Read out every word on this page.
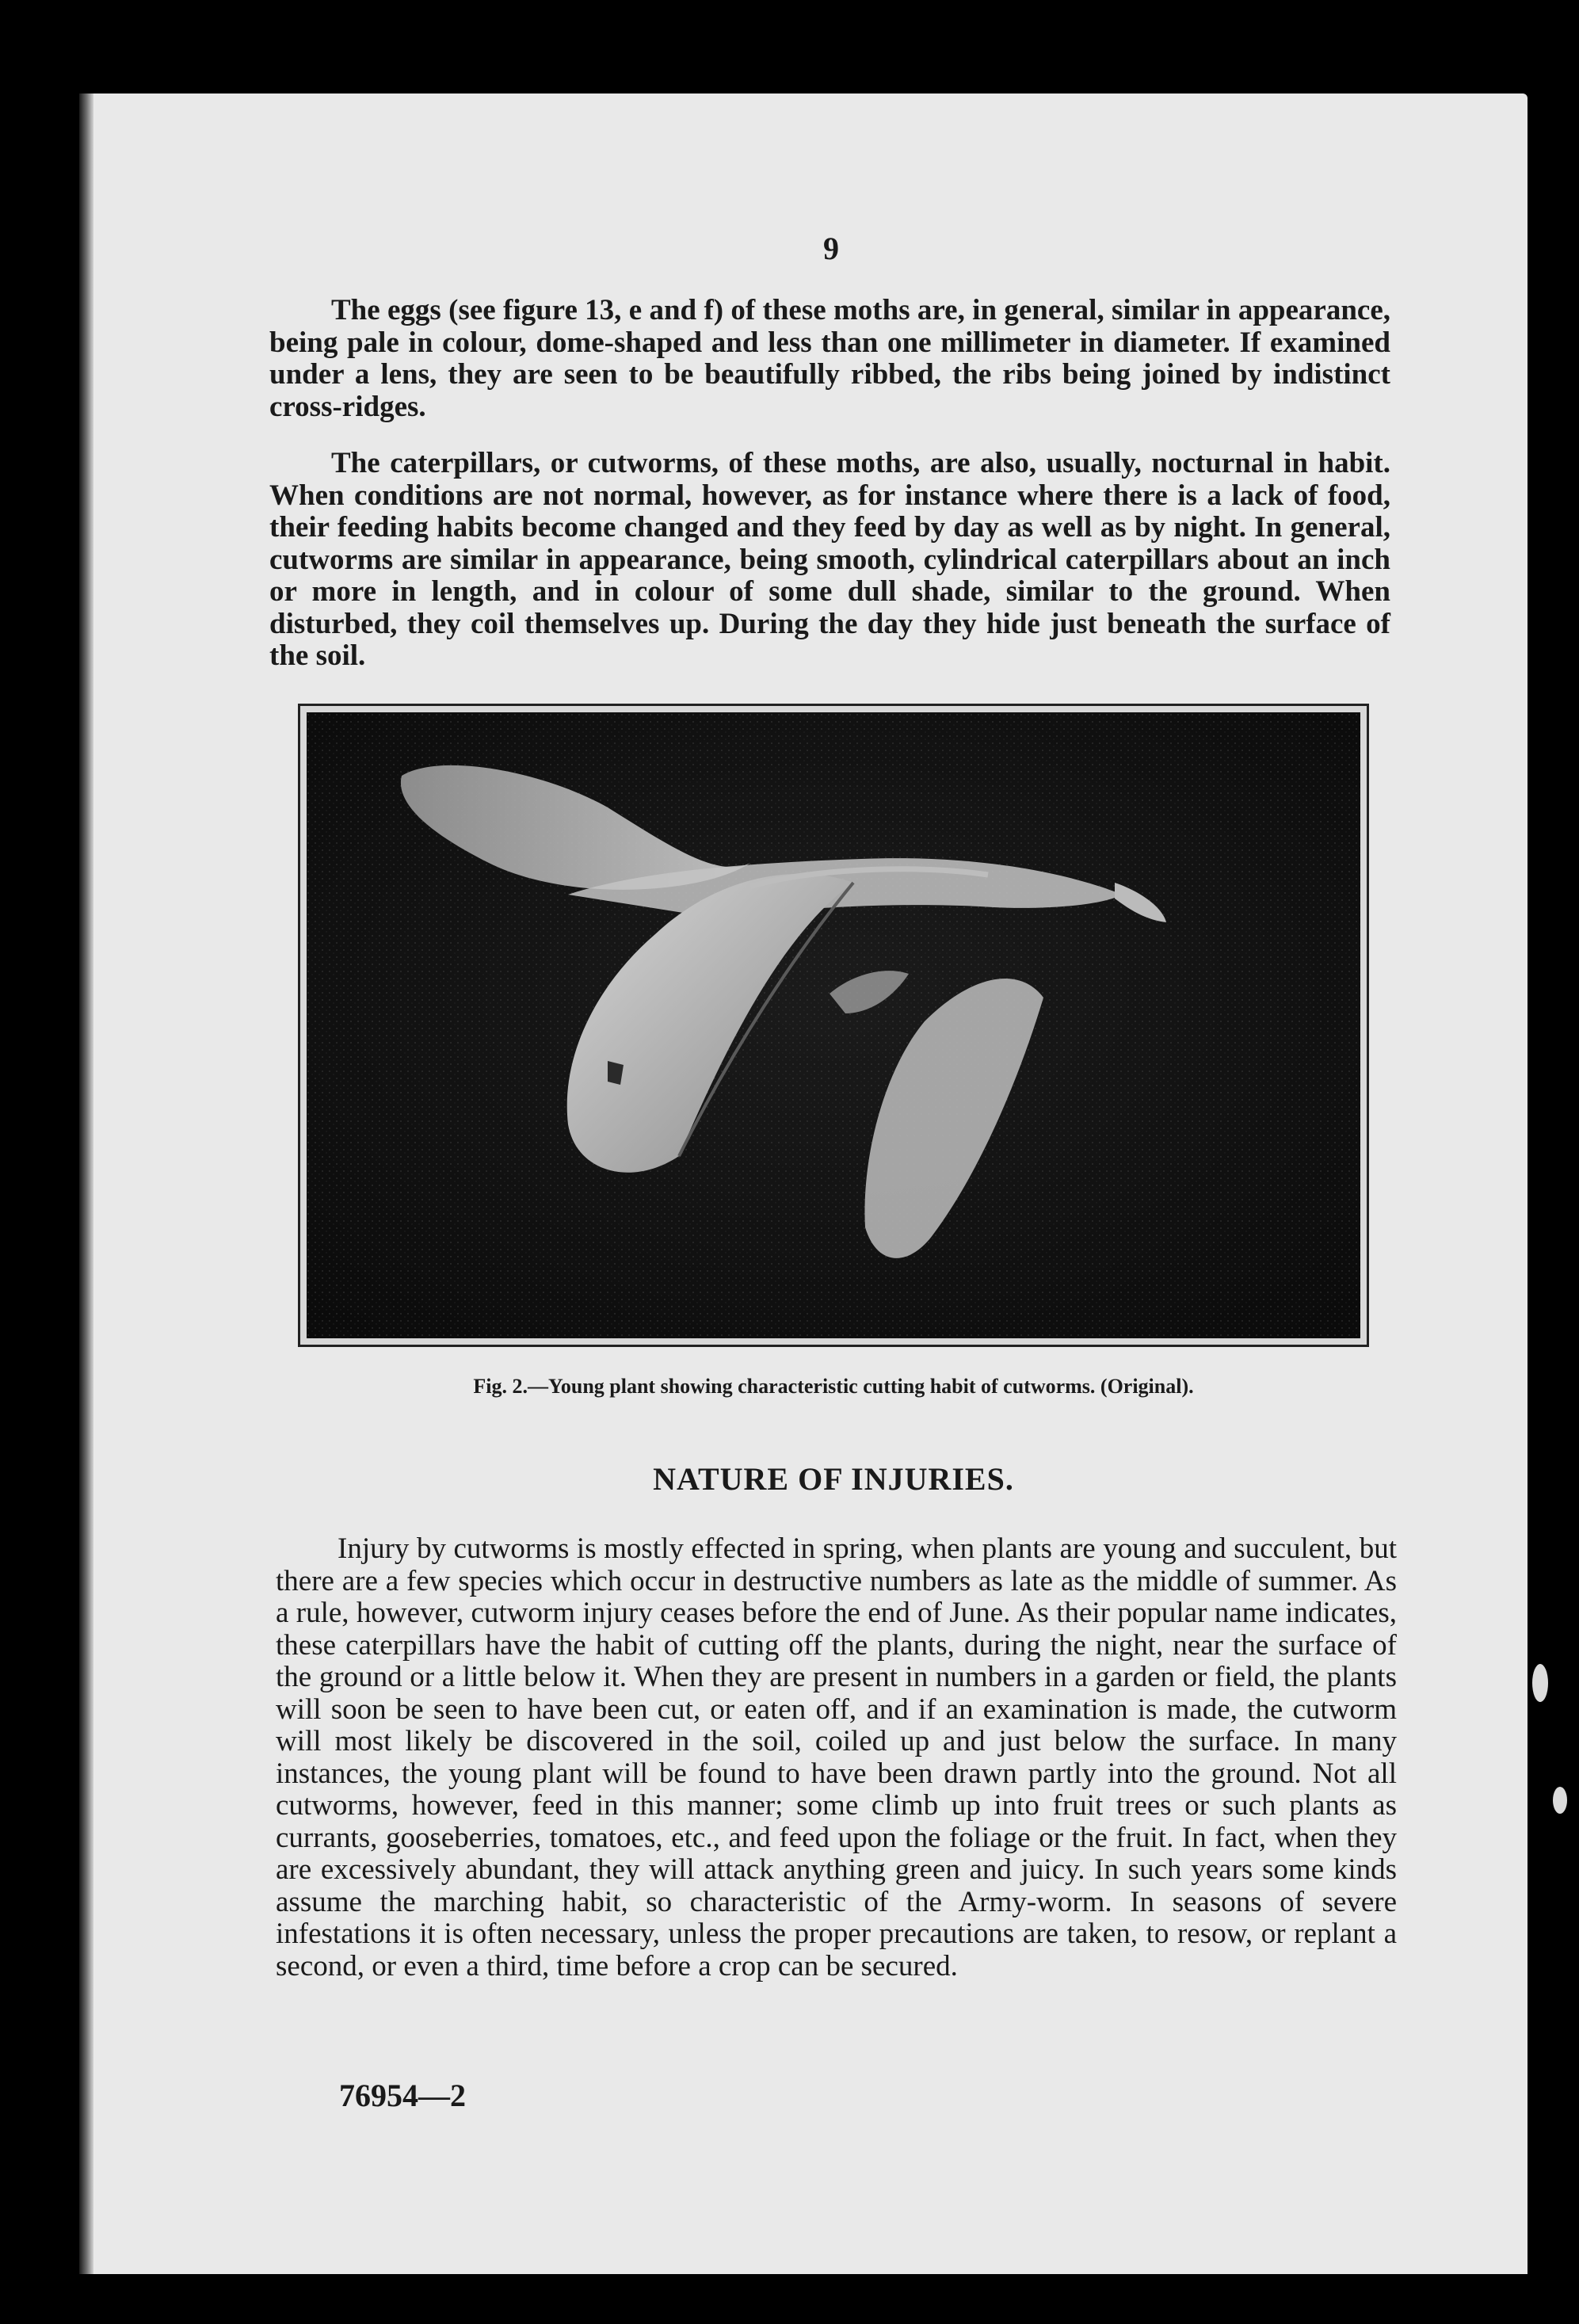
9

The eggs (see figure 13, e and f) of these moths are, in general, similar in appearance, being pale in colour, dome-shaped and less than one millimeter in diameter. If examined under a lens, they are seen to be beautifully ribbed, the ribs being joined by indistinct cross-ridges.

The caterpillars, or cutworms, of these moths, are also, usually, nocturnal in habit. When conditions are not normal, however, as for instance where there is a lack of food, their feeding habits become changed and they feed by day as well as by night. In general, cutworms are similar in appearance, being smooth, cylindrical caterpillars about an inch or more in length, and in colour of some dull shade, similar to the ground. When disturbed, they coil themselves up. During the day they hide just beneath the surface of the soil.

Fig. 2.—Young plant showing characteristic cutting habit of cutworms. (Original).

NATURE OF INJURIES.

Injury by cutworms is mostly effected in spring, when plants are young and succulent, but there are a few species which occur in destructive numbers as late as the middle of summer. As a rule, however, cutworm injury ceases before the end of June. As their popular name indicates, these caterpillars have the habit of cutting off the plants, during the night, near the surface of the ground or a little below it. When they are present in numbers in a garden or field, the plants will soon be seen to have been cut, or eaten off, and if an examination is made, the cutworm will most likely be discovered in the soil, coiled up and just below the surface. In many instances, the young plant will be found to have been drawn partly into the ground. Not all cutworms, however, feed in this manner; some climb up into fruit trees or such plants as currants, gooseberries, tomatoes, etc., and feed upon the foliage or the fruit. In fact, when they are excessively abundant, they will attack anything green and juicy. In such years some kinds assume the marching habit, so characteristic of the Army-worm. In seasons of severe infestations it is often necessary, unless the proper precautions are taken, to resow, or replant a second, or even a third, time before a crop can be secured.

76954—2
